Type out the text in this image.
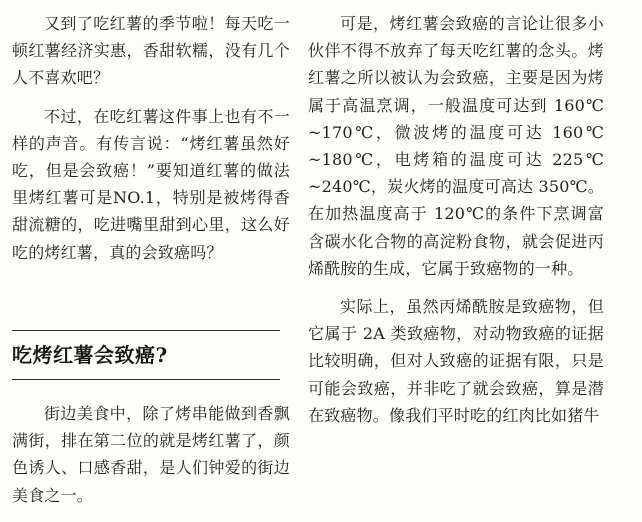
又到了吃红薯的季节啦！每天吃一顿红薯经济实惠，香甜软糯，没有几个人不喜欢吧？

不过，在吃红薯这件事上也有不一样的声音。有传言说：“烤红薯虽然好吃，但是会致癌！”要知道红薯的做法里烤红薯可是NO.1，特别是被烤得香甜流糖的，吃进嘴里甜到心里，这么好吃的烤红薯，真的会致癌吗？

吃烤红薯会致癌?

街边美食中，除了烤串能做到香飘满街，排在第二位的就是烤红薯了，颜色诱人、口感香甜，是人们钟爱的街边美食之一。

可是，烤红薯会致癌的言论让很多小伙伴不得不放弃了每天吃红薯的念头。烤红薯之所以被认为会致癌，主要是因为烤属于高温烹调，一般温度可达到 160℃ ~170℃，微波烤的温度可达 160℃ ~180℃，电烤箱的温度可达 225℃ ~240℃，炭火烤的温度可高达 350℃。在加热温度高于 120℃的条件下烹调富含碳水化合物的高淀粉食物，就会促进丙烯酰胺的生成，它属于致癌物的一种。

实际上，虽然丙烯酰胺是致癌物，但它属于 2A 类致癌物，对动物致癌的证据比较明确，但对人致癌的证据有限，只是可能会致癌，并非吃了就会致癌，算是潜在致癌物。像我们平时吃的红肉比如猪牛
